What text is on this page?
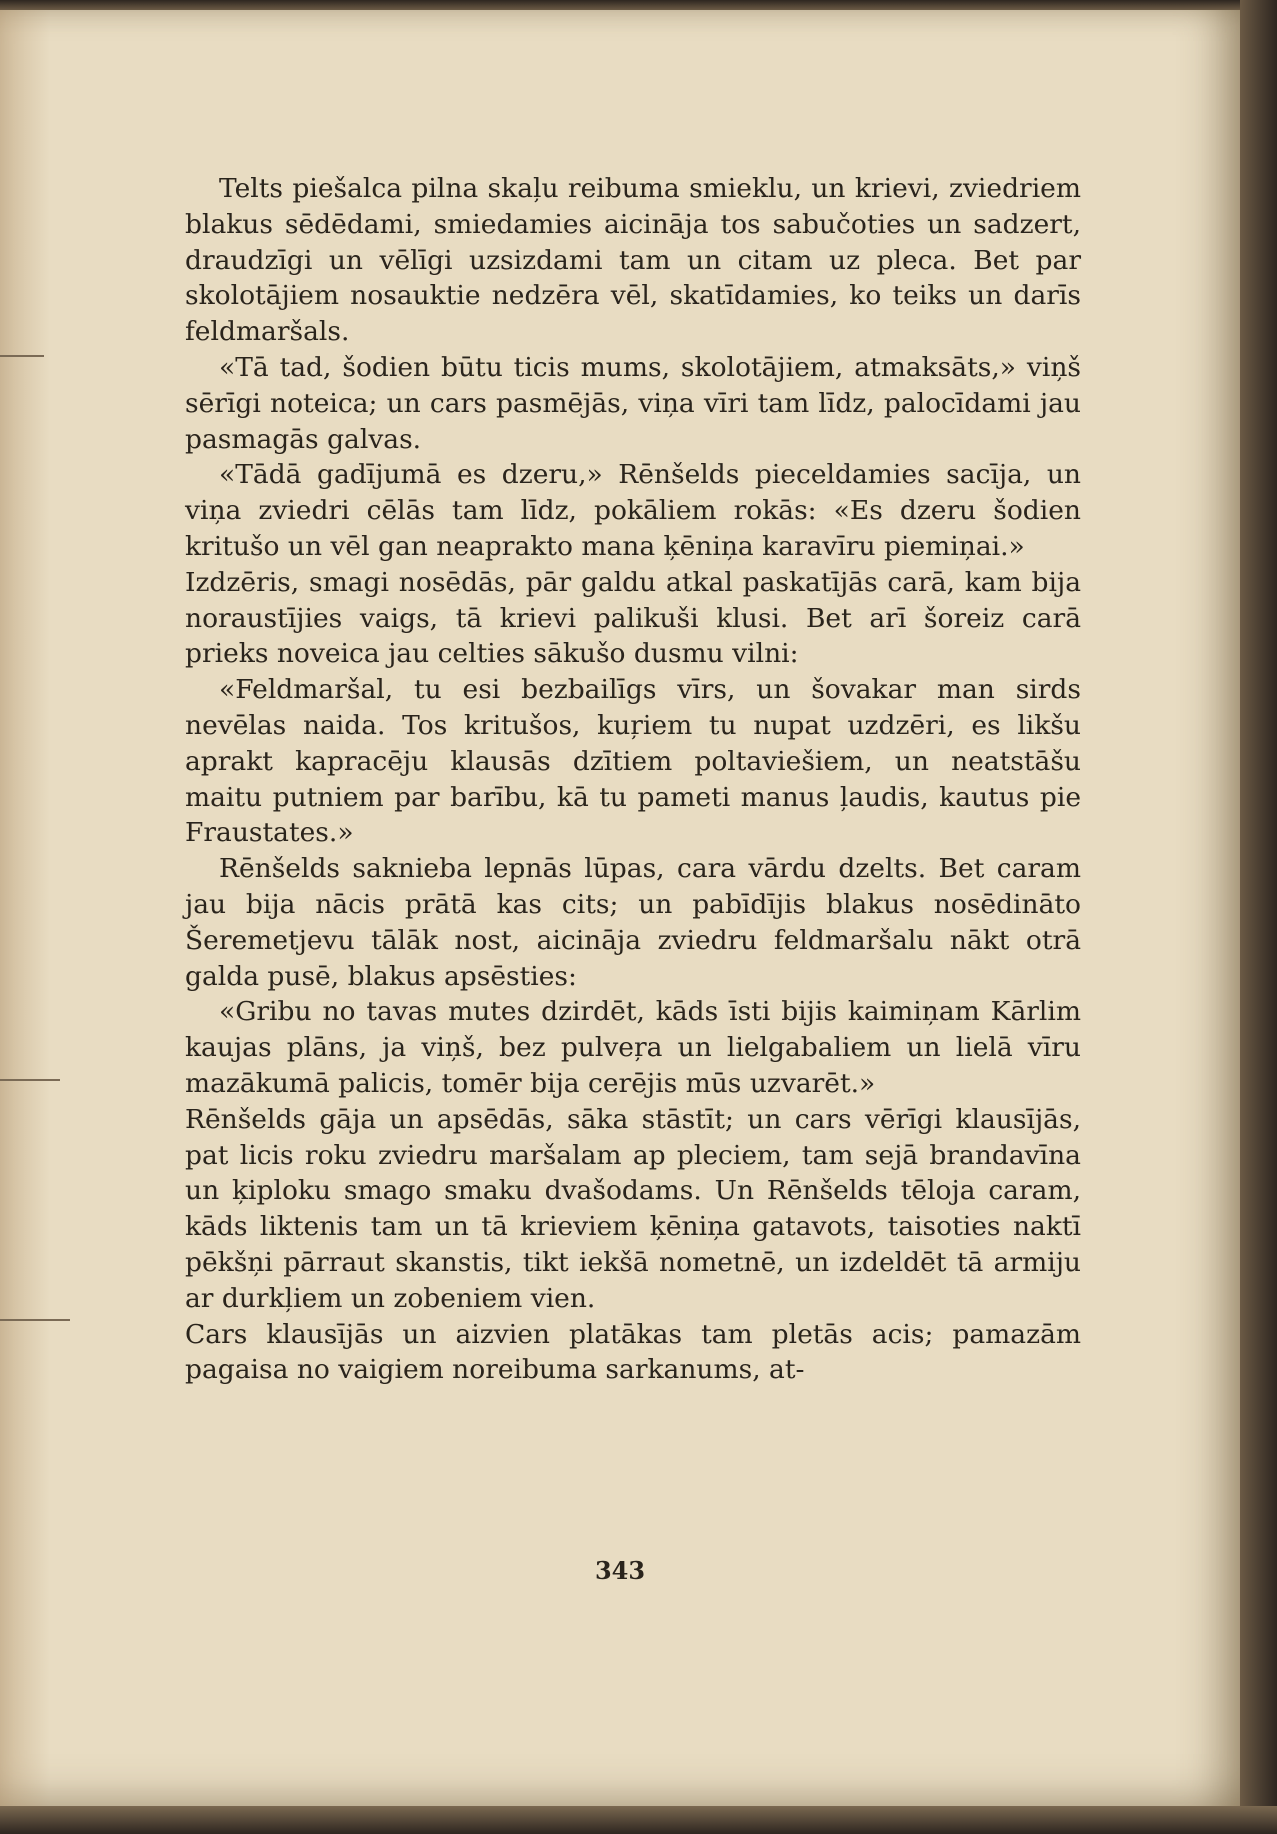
Telts piešalca pilna skaļu reibuma smieklu, un krievi, zviedriem blakus sēdēdami, smiedamies aicināja tos sabučoties un sadzert, draudzīgi un vēlīgi uzsizdami tam un citam uz pleca. Bet par skolotājiem nosauktie nedzēra vēl, skatīdamies, ko teiks un darīs feldmaršals.

«Tā tad, šodien būtu ticis mums, skolotājiem, atmaksāts,» viņš sērīgi noteica; un cars pasmējās, viņa vīri tam līdz, palocīdami jau pasmagās galvas.

«Tādā gadījumā es dzeru,» Rēnšelds pieceldamies sacīja, un viņa zviedri cēlās tam līdz, pokāliem rokās: «Es dzeru šodien kritušo un vēl gan neaprakto mana ķēniņa karavīru piemiņai.»

Izdzēris, smagi nosēdās, pār galdu atkal paskatījās carā, kam bija noraustījies vaigs, tā krievi palikuši klusi. Bet arī šoreiz carā prieks noveica jau celties sākušo dusmu vilni:

«Feldmaršal, tu esi bezbailīgs vīrs, un šovakar man sirds nevēlas naida. Tos kritušos, kuŗiem tu nupat uzdzēri, es likšu aprakt kapracēju klausās dzītiem poltaviešiem, un neatstāšu maitu putniem par barību, kā tu pameti manus ļaudis, kautus pie Fraustates.»

Rēnšelds saknieba lepnās lūpas, cara vārdu dzelts. Bet caram jau bija nācis prātā kas cits; un pabīdījis blakus nosēdināto Šeremetjevu tālāk nost, aicināja zviedru feldmaršalu nākt otrā galda pusē, blakus apsēsties:

«Gribu no tavas mutes dzirdēt, kāds īsti bijis kaimiņam Kārlim kaujas plāns, ja viņš, bez pulveŗa un lielgabaliem un lielā vīru mazākumā palicis, tomēr bija cerējis mūs uzvarēt.»

Rēnšelds gāja un apsēdās, sāka stāstīt; un cars vērīgi klausījās, pat licis roku zviedru maršalam ap pleciem, tam sejā brandavīna un ķiploku smago smaku dvašodams. Un Rēnšelds tēloja caram, kāds liktenis tam un tā krieviem ķēniņa gatavots, taisoties naktī pēkšņi pārraut skanstis, tikt iekšā nometnē, un izdeldēt tā armiju ar durkļiem un zobeniem vien.

Cars klausījās un aizvien platākas tam pletās acis; pamazām pagaisa no vaigiem noreibuma sarkanums, at-

343
